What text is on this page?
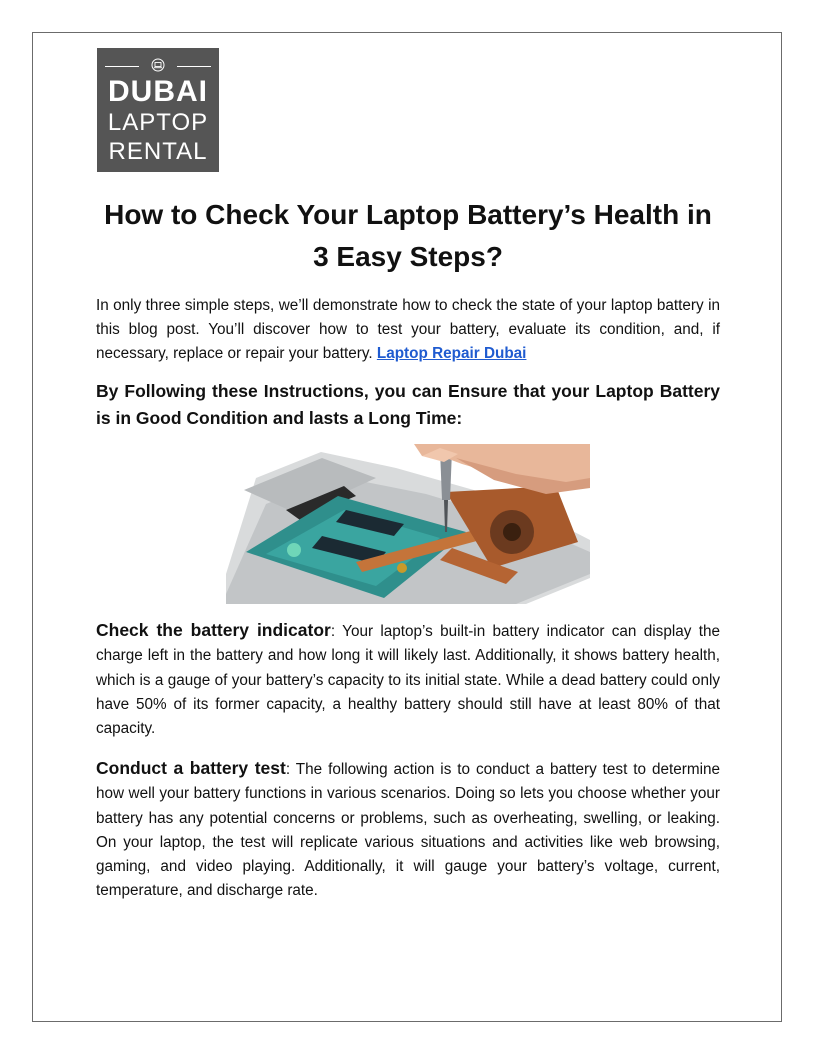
DUBAI
LAPTOP
RENTAL
How to Check Your Laptop Battery’s Health in 3 Easy Steps?

In only three simple steps, we’ll demonstrate how to check the state of your laptop battery in this blog post. You’ll discover how to test your battery, evaluate its condition, and, if necessary, replace or repair your battery. Laptop Repair Dubai

By Following these Instructions, you can Ensure that your Laptop Battery is in Good Condition and lasts a Long Time:

Check the battery indicator: Your laptop’s built-in battery indicator can display the charge left in the battery and how long it will likely last. Additionally, it shows battery health, which is a gauge of your battery’s capacity to its initial state. While a dead battery could only have 50% of its former capacity, a healthy battery should still have at least 80% of that capacity.

Conduct a battery test: The following action is to conduct a battery test to determine how well your battery functions in various scenarios. Doing so lets you choose whether your battery has any potential concerns or problems, such as overheating, swelling, or leaking. On your laptop, the test will replicate various situations and activities like web browsing, gaming, and video playing. Additionally, it will gauge your battery’s voltage, current, temperature, and discharge rate.
